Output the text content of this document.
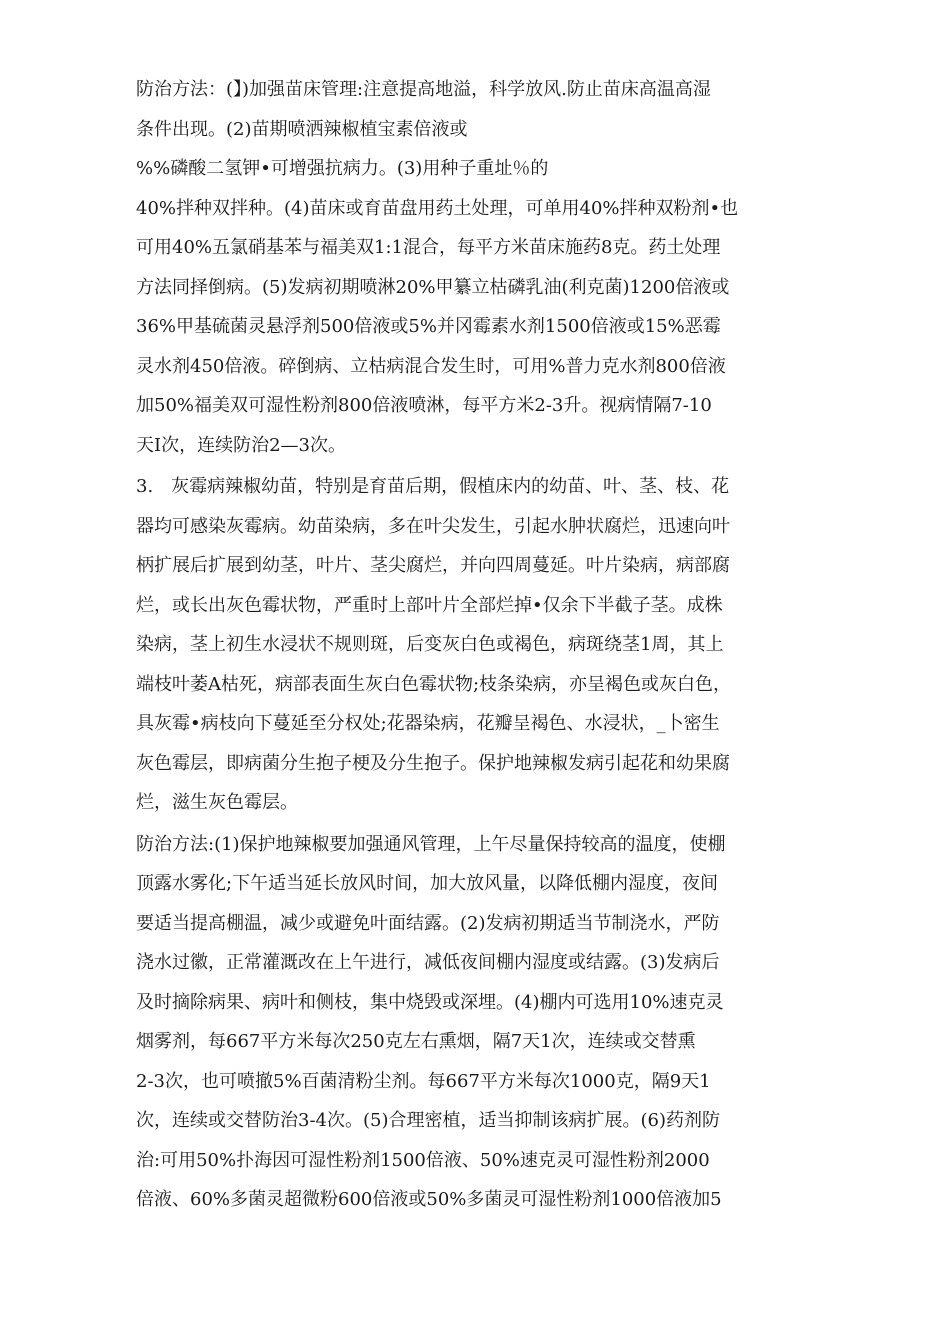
防治方法：(】)加强苗床管理:注意提高地溢，科学放风.防止苗床高温高湿
条件出现。(2)苗期喷洒辣椒植宝素倍液或
%%磷酸二氢钾•可增强抗病力。(3)用种子重址％的
40%拌种双拌种。(4)苗床或育苗盘用药土处理，可单用40%拌种双粉剂•也
可用40%五氯硝基苯与福美双1:1混合，每平方米苗床施药8克。药土处理
方法同择倒病。(5)发病初期喷淋20%甲纂立枯磷乳油(利克菌)1200倍液或
36%甲基硫菌灵悬浮剂500倍液或5%并冈霉素水剂1500倍液或15%恶霉
灵水剂450倍液。碎倒病、立枯病混合发生时，可用%普力克水剂800倍液
加50%福美双可湿性粉剂800倍液喷淋，每平方米2-3升。视病情隔7-10
天I次，连续防治2—3次。
3.　灰霉病辣椒幼苗，特别是育苗后期，假植床内的幼苗、叶、茎、枝、花
器均可感染灰霉病。幼苗染病，多在叶尖发生，引起水肿状腐烂，迅速向叶
柄扩展后扩展到幼茎，叶片、茎尖腐烂，并向四周蔓延。叶片染病，病部腐
烂，或长出灰色霉状物，严重时上部叶片全部烂掉•仅余下半截子茎。成株
染病，茎上初生水浸状不规则斑，后变灰白色或褐色，病斑绕茎1周，其上
端枝叶萎A枯死，病部表面生灰白色霉状物;枝条染病，亦呈褐色或灰白色，
具灰霉•病枝向下蔓延至分权处;花器染病，花瓣呈褐色、水浸状，_卜密生
灰色霉层，即病菌分生抱子梗及分生抱子。保护地辣椒发病引起花和幼果腐
烂，滋生灰色霉层。
防治方法:(1)保护地辣椒要加强通风管理，上午尽量保持较高的温度，使棚
顶露水雾化;下午适当延长放风时间，加大放风量，以降低棚内湿度，夜间
要适当提高棚温，减少或避免叶面结露。(2)发病初期适当节制浇水，严防
浇水过徽，正常灌溉改在上午进行，减低夜间棚内湿度或结露。(3)发病后
及时摘除病果、病叶和侧枝，集中烧毁或深埋。(4)棚内可选用10%速克灵
烟雾剂，每667平方米每次250克左右熏烟，隔7天1次，连续或交替熏
2-3次，也可喷撤5%百菌清粉尘剂。每667平方米每次1000克，隔9天1
次，连续或交替防治3-4次。(5)合理密植，适当抑制该病扩展。(6)药剂防
治:可用50%扑海因可湿性粉剂1500倍液、50%速克灵可湿性粉剂2000
倍液、60%多菌灵超微粉600倍液或50%多菌灵可湿性粉剂1000倍液加5
